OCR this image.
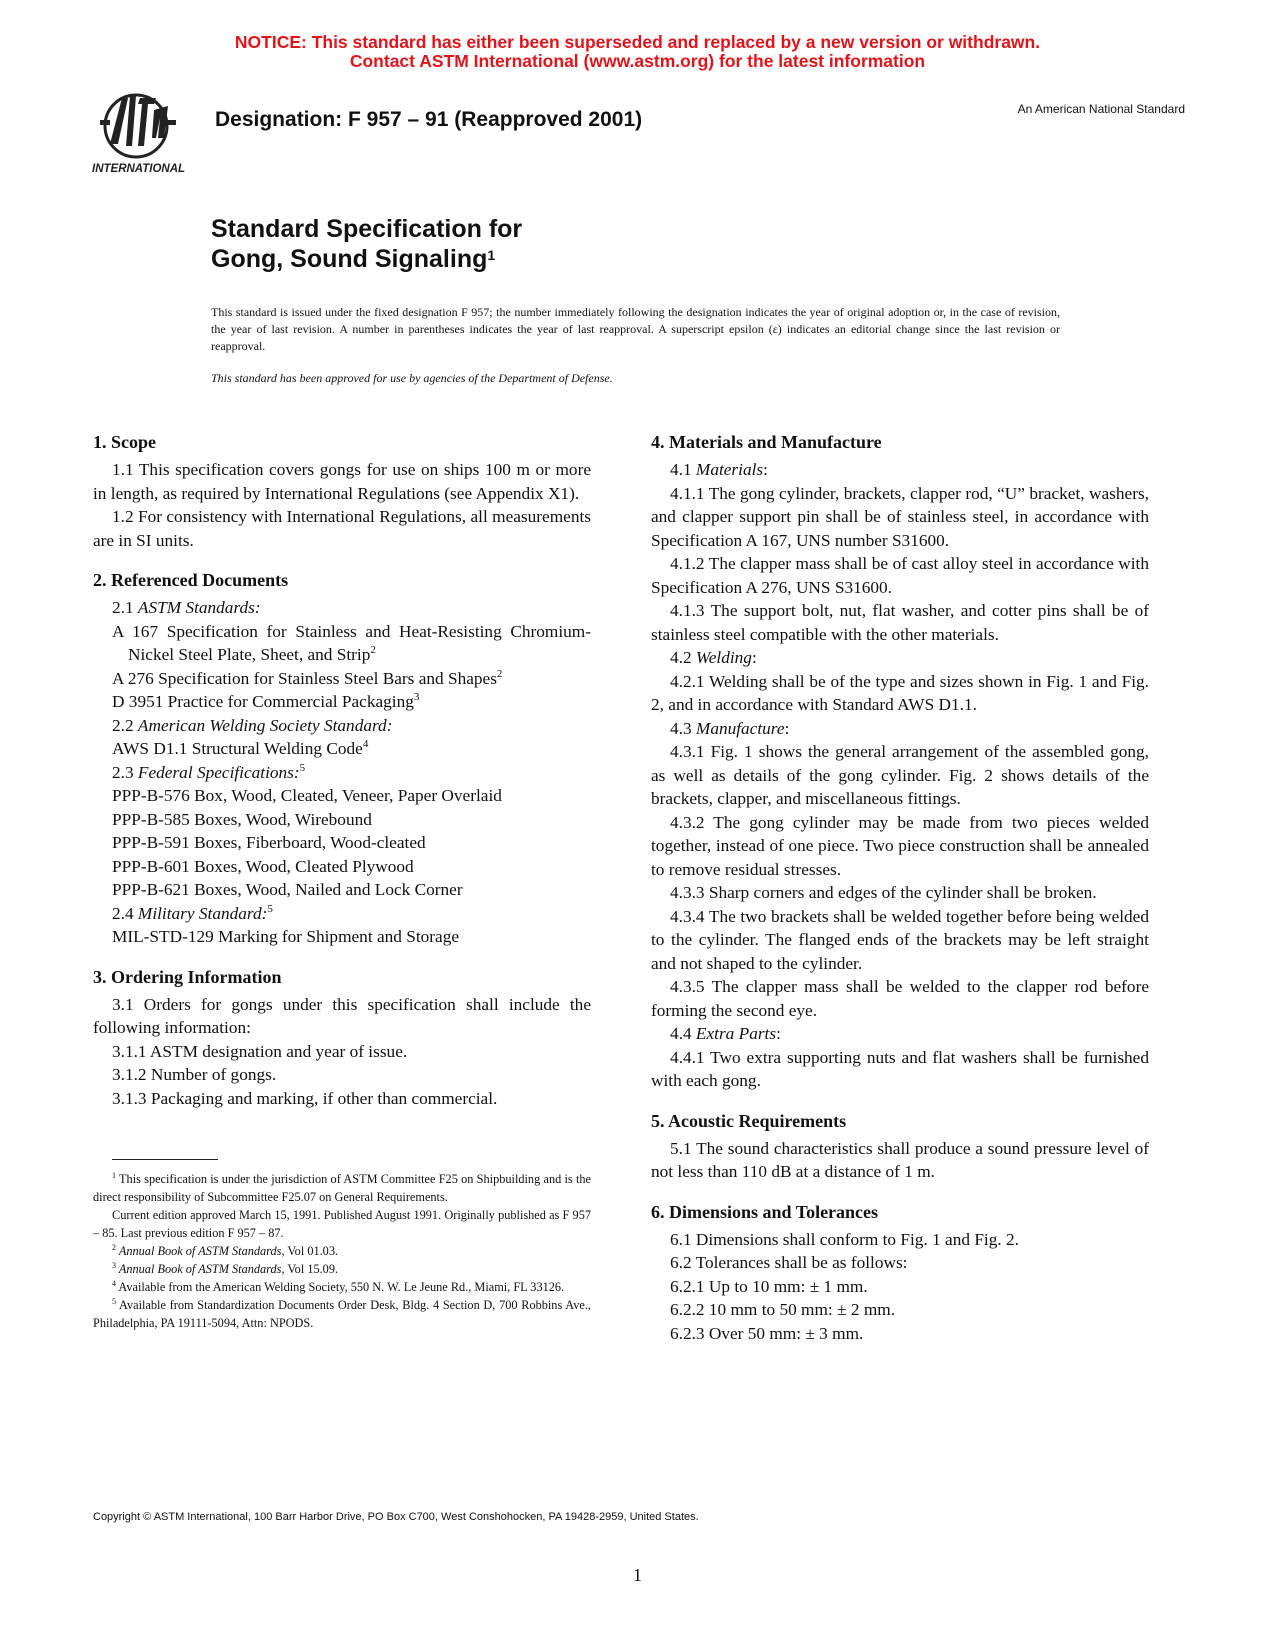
NOTICE: This standard has either been superseded and replaced by a new version or withdrawn.
Contact ASTM International (www.astm.org) for the latest information
INTERNATIONAL
Designation: F 957 – 91 (Reapproved 2001)	An American National Standard
Standard Specification for
Gong, Sound Signaling$^1$
This standard is issued under the fixed designation F 957; the number immediately following the designation indicates the year of original adoption or, in the case of revision, the year of last revision. A number in parentheses indicates the year of last reapproval. A superscript epsilon (ε) indicates an editorial change since the last revision or reapproval.
This standard has been approved for use by agencies of the Department of Defense.
1. Scope

1.1 This specification covers gongs for use on ships 100 m or more in length, as required by International Regulations (see Appendix X1).

1.2 For consistency with International Regulations, all measurements are in SI units.

2. Referenced Documents

2.1 ASTM Standards:

A 167 Specification for Stainless and Heat-Resisting Chromium-Nickel Steel Plate, Sheet, and Strip$^2$

A 276 Specification for Stainless Steel Bars and Shapes$^2$

D 3951 Practice for Commercial Packaging$^3$

2.2 American Welding Society Standard:

AWS D1.1 Structural Welding Code$^4$

2.3 Federal Specifications:$^5$

PPP-B-576 Box, Wood, Cleated, Veneer, Paper Overlaid

PPP-B-585 Boxes, Wood, Wirebound

PPP-B-591 Boxes, Fiberboard, Wood-cleated

PPP-B-601 Boxes, Wood, Cleated Plywood

PPP-B-621 Boxes, Wood, Nailed and Lock Corner

2.4 Military Standard:$^5$

MIL-STD-129 Marking for Shipment and Storage

3. Ordering Information

3.1 Orders for gongs under this specification shall include the following information:

3.1.1 ASTM designation and year of issue.

3.1.2 Number of gongs.

3.1.3 Packaging and marking, if other than commercial.

$^1$ This specification is under the jurisdiction of ASTM Committee F25 on Shipbuilding and is the direct responsibility of Subcommittee F25.07 on General Requirements.

Current edition approved March 15, 1991. Published August 1991. Originally published as F 957 – 85. Last previous edition F 957 – 87.

$^2$ Annual Book of ASTM Standards, Vol 01.03.

$^3$ Annual Book of ASTM Standards, Vol 15.09.

$^4$ Available from the American Welding Society, 550 N. W. Le Jeune Rd., Miami, FL 33126.

$^5$ Available from Standardization Documents Order Desk, Bldg. 4 Section D, 700 Robbins Ave., Philadelphia, PA 19111-5094, Attn: NPODS.

4. Materials and Manufacture

4.1 Materials:

4.1.1 The gong cylinder, brackets, clapper rod, “U” bracket, washers, and clapper support pin shall be of stainless steel, in accordance with Specification A 167, UNS number S31600.

4.1.2 The clapper mass shall be of cast alloy steel in accordance with Specification A 276, UNS S31600.

4.1.3 The support bolt, nut, flat washer, and cotter pins shall be of stainless steel compatible with the other materials.

4.2 Welding:

4.2.1 Welding shall be of the type and sizes shown in Fig. 1 and Fig. 2, and in accordance with Standard AWS D1.1.

4.3 Manufacture:

4.3.1 Fig. 1 shows the general arrangement of the assembled gong, as well as details of the gong cylinder. Fig. 2 shows details of the brackets, clapper, and miscellaneous fittings.

4.3.2 The gong cylinder may be made from two pieces welded together, instead of one piece. Two piece construction shall be annealed to remove residual stresses.

4.3.3 Sharp corners and edges of the cylinder shall be broken.

4.3.4 The two brackets shall be welded together before being welded to the cylinder. The flanged ends of the brackets may be left straight and not shaped to the cylinder.

4.3.5 The clapper mass shall be welded to the clapper rod before forming the second eye.

4.4 Extra Parts:

4.4.1 Two extra supporting nuts and flat washers shall be furnished with each gong.

5. Acoustic Requirements

5.1 The sound characteristics shall produce a sound pressure level of not less than 110 dB at a distance of 1 m.

6. Dimensions and Tolerances

6.1 Dimensions shall conform to Fig. 1 and Fig. 2.

6.2 Tolerances shall be as follows:

6.2.1 Up to 10 mm: ± 1 mm.

6.2.2 10 mm to 50 mm: ± 2 mm.

6.2.3 Over 50 mm: ± 3 mm.

Copyright © ASTM International, 100 Barr Harbor Drive, PO Box C700, West Conshohocken, PA 19428-2959, United States.
1
